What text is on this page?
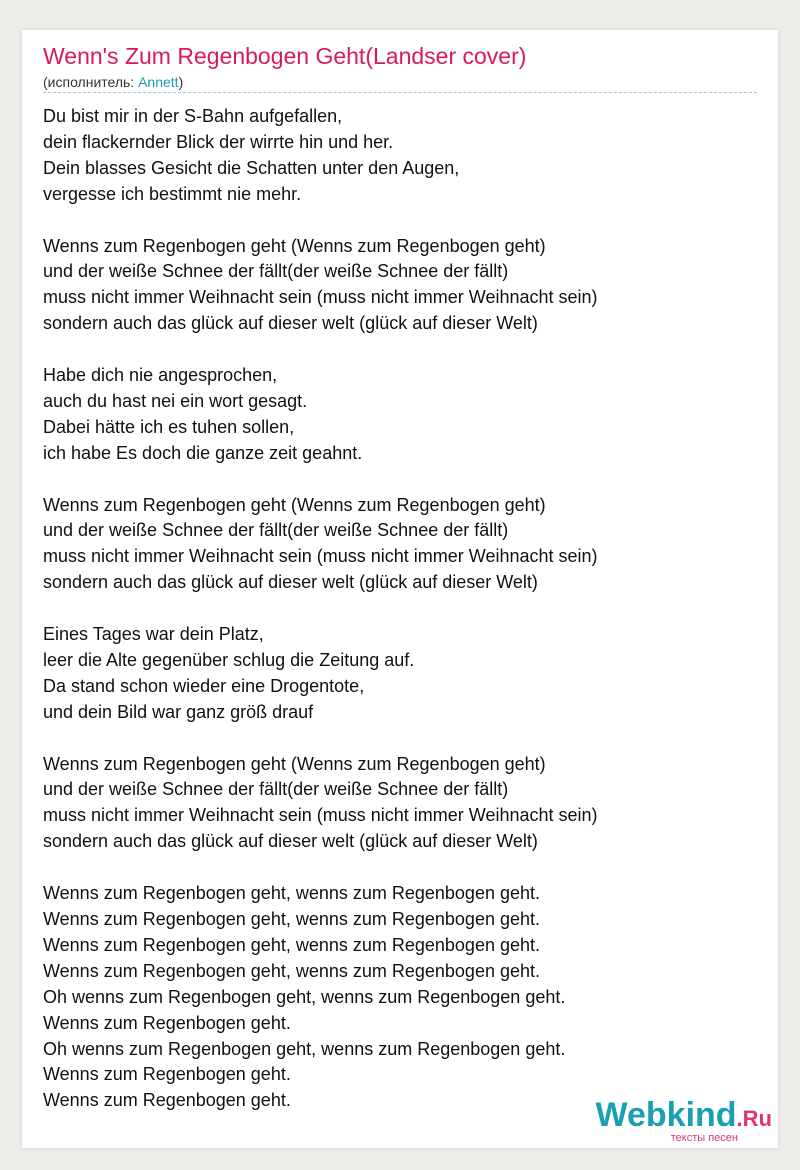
Wenn's Zum Regenbogen Geht(Landser cover)
(исполнитель: Annett)
Du bist mir in der S-Bahn aufgefallen,
dein flackernder Blick der wirrte hin und her.
Dein blasses Gesicht die Schatten unter den Augen,
vergesse ich bestimmt nie mehr.
Wenns zum Regenbogen geht (Wenns zum Regenbogen geht)
und der weiße Schnee der fällt(der weiße Schnee der fällt)
muss nicht immer Weihnacht sein (muss nicht immer Weihnacht sein)
sondern auch das glück auf dieser welt (glück auf dieser Welt)
Habe dich nie angesprochen,
auch du hast nei ein wort gesagt.
Dabei hätte ich es tuhen sollen,
ich habe Es doch die ganze zeit geahnt.
Wenns zum Regenbogen geht (Wenns zum Regenbogen geht)
und der weiße Schnee der fällt(der weiße Schnee der fällt)
muss nicht immer Weihnacht sein (muss nicht immer Weihnacht sein)
sondern auch das glück auf dieser welt (glück auf dieser Welt)
Eines Tages war dein Platz,
leer die Alte gegenüber schlug die Zeitung auf.
Da stand schon wieder eine Drogentote,
und dein Bild war ganz größ drauf
Wenns zum Regenbogen geht (Wenns zum Regenbogen geht)
und der weiße Schnee der fällt(der weiße Schnee der fällt)
muss nicht immer Weihnacht sein (muss nicht immer Weihnacht sein)
sondern auch das glück auf dieser welt (glück auf dieser Welt)
Wenns zum Regenbogen geht, wenns zum Regenbogen geht.
Wenns zum Regenbogen geht, wenns zum Regenbogen geht.
Wenns zum Regenbogen geht, wenns zum Regenbogen geht.
Wenns zum Regenbogen geht, wenns zum Regenbogen geht.
Oh wenns zum Regenbogen geht, wenns zum Regenbogen geht.
Wenns zum Regenbogen geht.
Oh wenns zum Regenbogen geht, wenns zum Regenbogen geht.
Wenns zum Regenbogen geht.
Wenns zum Regenbogen geht.	Webkind.Ru
тексты песен
